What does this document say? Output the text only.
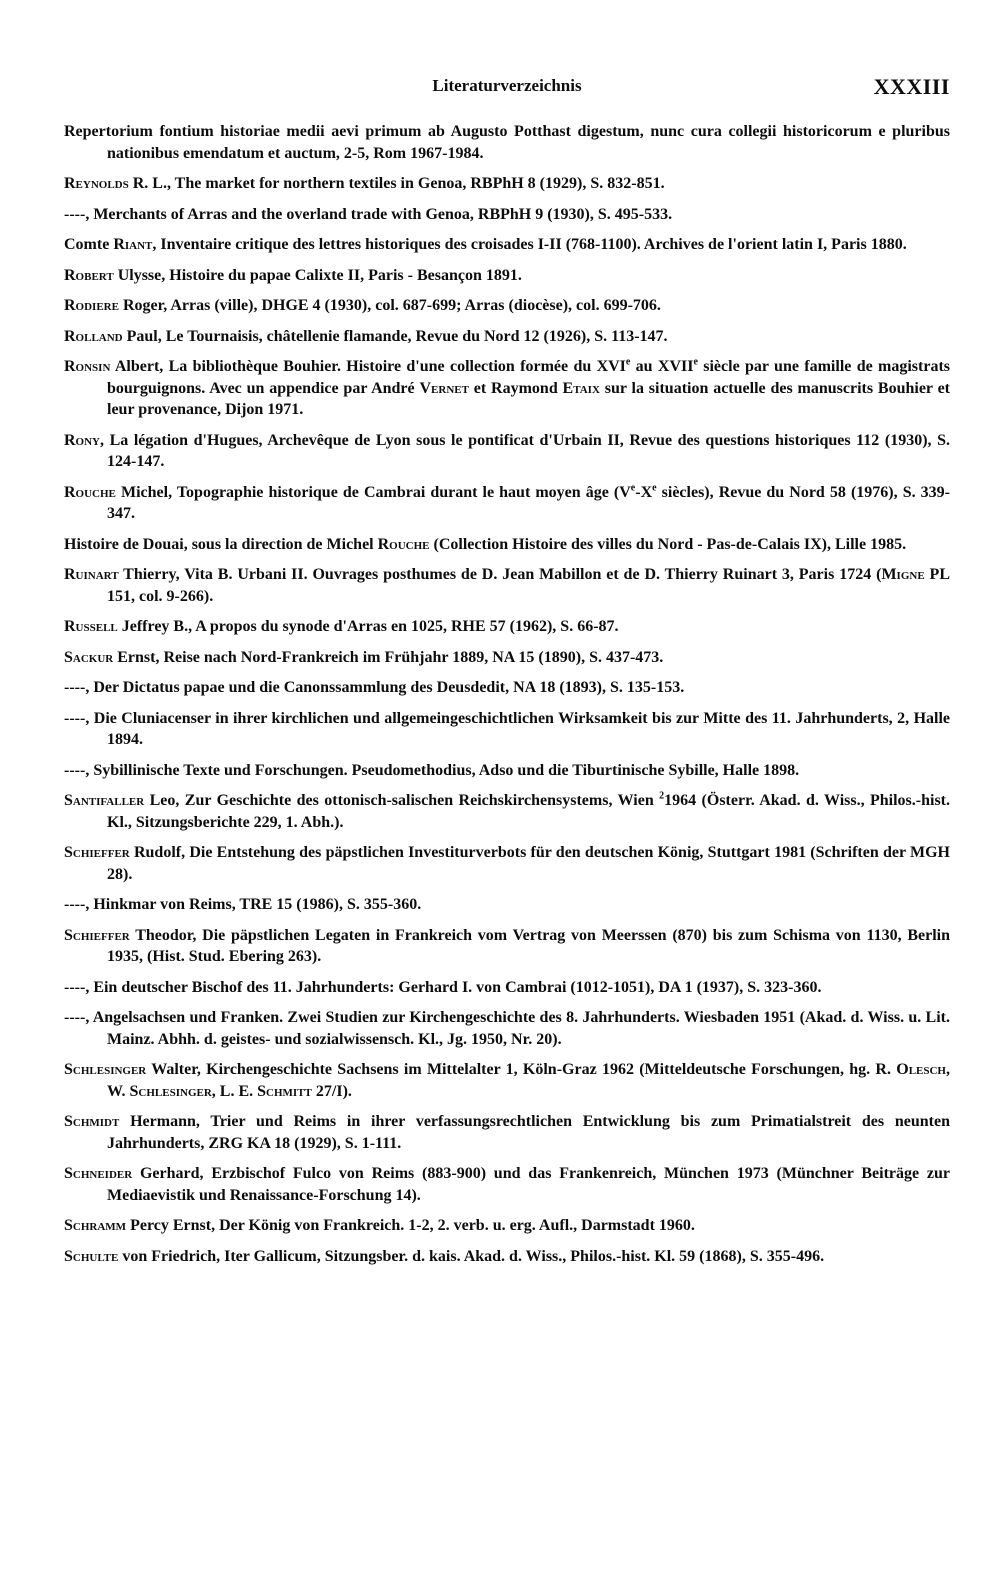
Literaturverzeichnis	XXXIII

Repertorium fontium historiae medii aevi primum ab Augusto Potthast digestum, nunc cura collegii historicorum e pluribus nationibus emendatum et auctum, 2-5, Rom 1967-1984.

Reynolds R. L., The market for northern textiles in Genoa, RBPhH 8 (1929), S. 832-851.

----, Merchants of Arras and the overland trade with Genoa, RBPhH 9 (1930), S. 495-533.

Comte Riant, Inventaire critique des lettres historiques des croisades I-II (768-1100). Archives de l'orient latin I, Paris 1880.

Robert Ulysse, Histoire du papae Calixte II, Paris - Besançon 1891.

Rodiere Roger, Arras (ville), DHGE 4 (1930), col. 687-699; Arras (diocèse), col. 699-706.

Rolland Paul, Le Tournaisis, châtellenie flamande, Revue du Nord 12 (1926), S. 113-147.

Ronsin Albert, La bibliothèque Bouhier. Histoire d'une collection formée du XVIe au XVIIe siècle par une famille de magistrats bourguignons. Avec un appendice par André Vernet et Raymond Etaix sur la situation actuelle des manuscrits Bouhier et leur provenance, Dijon 1971.

Rony, La légation d'Hugues, Archevêque de Lyon sous le pontificat d'Urbain II, Revue des questions historiques 112 (1930), S. 124-147.

Rouche Michel, Topographie historique de Cambrai durant le haut moyen âge (Ve-Xe siècles), Revue du Nord 58 (1976), S. 339-347.

Histoire de Douai, sous la direction de Michel Rouche (Collection Histoire des villes du Nord - Pas-de-Calais IX), Lille 1985.

Ruinart Thierry, Vita B. Urbani II. Ouvrages posthumes de D. Jean Mabillon et de D. Thierry Ruinart 3, Paris 1724 (Migne PL 151, col. 9-266).

Russell Jeffrey B., A propos du synode d'Arras en 1025, RHE 57 (1962), S. 66-87.

Sackur Ernst, Reise nach Nord-Frankreich im Frühjahr 1889, NA 15 (1890), S. 437-473.

----, Der Dictatus papae und die Canonssammlung des Deusdedit, NA 18 (1893), S. 135-153.

----, Die Cluniacenser in ihrer kirchlichen und allgemeingeschichtlichen Wirksamkeit bis zur Mitte des 11. Jahrhunderts, 2, Halle 1894.

----, Sybillinische Texte und Forschungen. Pseudomethodius, Adso und die Tiburtinische Sybille, Halle 1898.

Santifaller Leo, Zur Geschichte des ottonisch-salischen Reichskirchensystems, Wien $^2$1964 (Österr. Akad. d. Wiss., Philos.-hist. Kl., Sitzungsberichte 229, 1. Abh.).

Schieffer Rudolf, Die Entstehung des päpstlichen Investiturverbots für den deutschen König, Stuttgart 1981 (Schriften der MGH 28).

----, Hinkmar von Reims, TRE 15 (1986), S. 355-360.

Schieffer Theodor, Die päpstlichen Legaten in Frankreich vom Vertrag von Meerssen (870) bis zum Schisma von 1130, Berlin 1935, (Hist. Stud. Ebering 263).

----, Ein deutscher Bischof des 11. Jahrhunderts: Gerhard I. von Cambrai (1012-1051), DA 1 (1937), S. 323-360.

----, Angelsachsen und Franken. Zwei Studien zur Kirchengeschichte des 8. Jahrhunderts. Wiesbaden 1951 (Akad. d. Wiss. u. Lit. Mainz. Abhh. d. geistes- und sozialwissensch. Kl., Jg. 1950, Nr. 20).

Schlesinger Walter, Kirchengeschichte Sachsens im Mittelalter 1, Köln-Graz 1962 (Mitteldeutsche Forschungen, hg. R. Olesch, W. Schlesinger, L. E. Schmitt 27/I).

Schmidt Hermann, Trier und Reims in ihrer verfassungsrechtlichen Entwicklung bis zum Primatialstreit des neunten Jahrhunderts, ZRG KA 18 (1929), S. 1-111.

Schneider Gerhard, Erzbischof Fulco von Reims (883-900) und das Frankenreich, München 1973 (Münchner Beiträge zur Mediaevistik und Renaissance-Forschung 14).

Schramm Percy Ernst, Der König von Frankreich. 1-2, 2. verb. u. erg. Aufl., Darmstadt 1960.

Schulte von Friedrich, Iter Gallicum, Sitzungsber. d. kais. Akad. d. Wiss., Philos.-hist. Kl. 59 (1868), S. 355-496.
